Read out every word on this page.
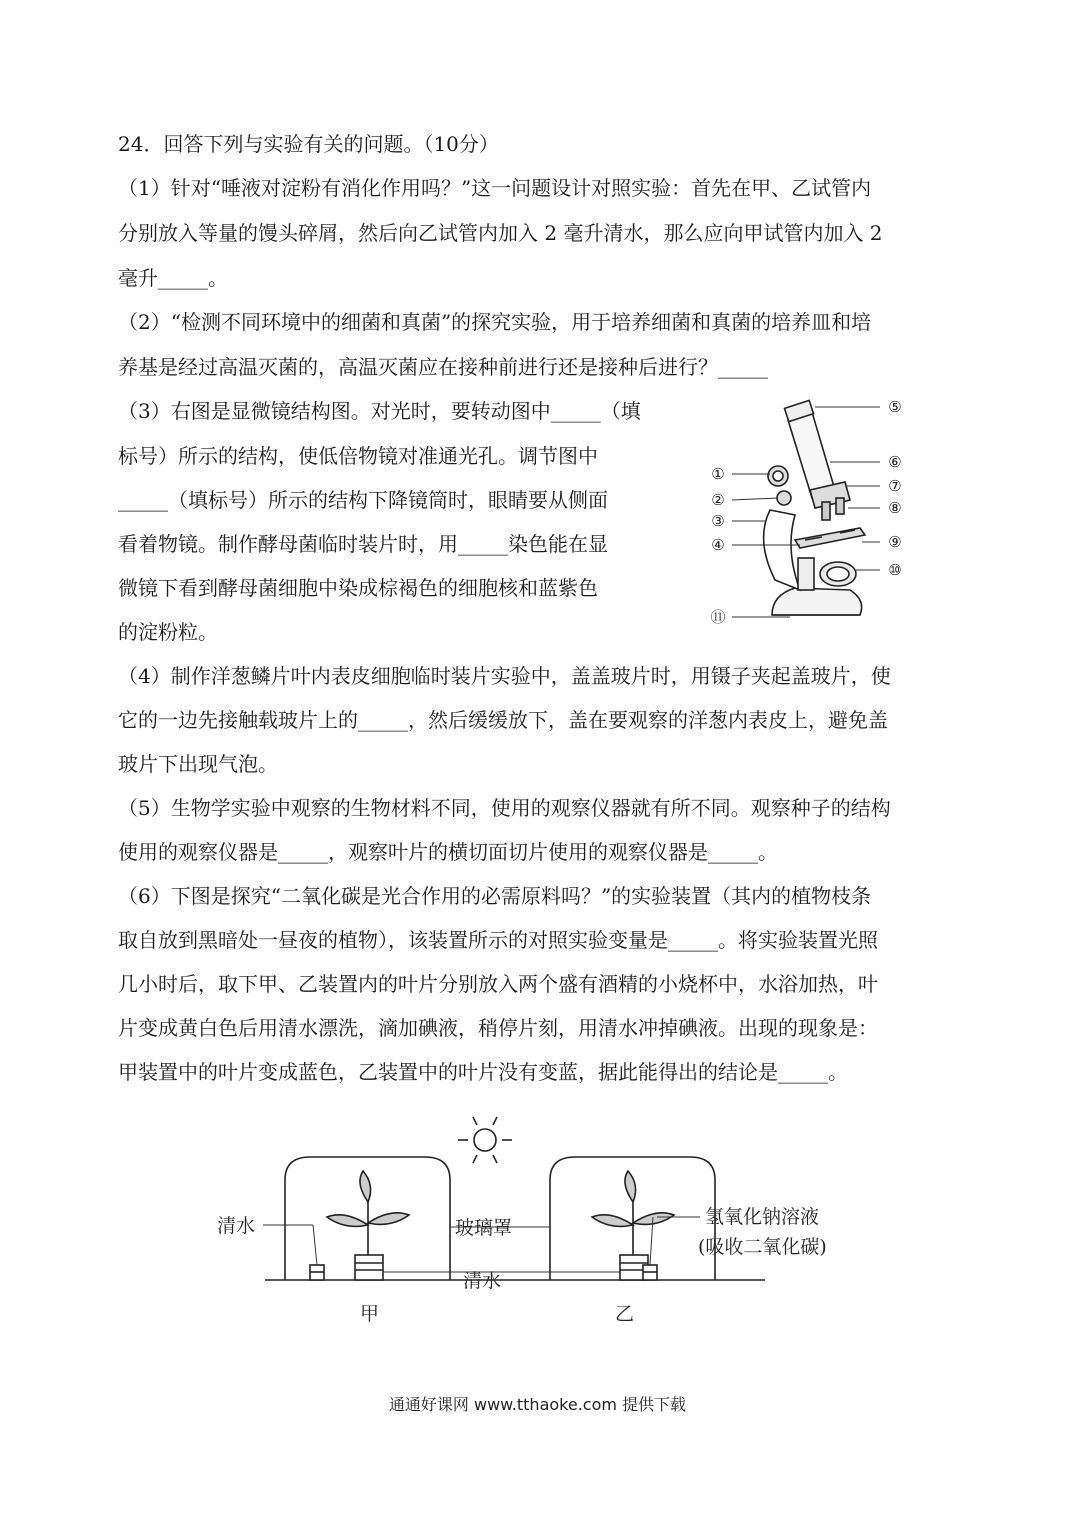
24．回答下列与实验有关的问题。（10分）
（1）针对“唾液对淀粉有消化作用吗？”这一问题设计对照实验：首先在甲、乙试管内
分别放入等量的馒头碎屑，然后向乙试管内加入 2 毫升清水，那么应向甲试管内加入 2
毫升_____。
（2）“检测不同环境中的细菌和真菌”的探究实验，用于培养细菌和真菌的培养皿和培
养基是经过高温灭菌的，高温灭菌应在接种前进行还是接种后进行？_____
（3）右图是显微镜结构图。对光时，要转动图中_____（填
标号）所示的结构，使低倍物镜对准通光孔。调节图中
_____（填标号）所示的结构下降镜筒时，眼睛要从侧面
看着物镜。制作酵母菌临时装片时，用_____染色能在显
微镜下看到酵母菌细胞中染成棕褐色的细胞核和蓝紫色
的淀粉粒。
（4）制作洋葱鳞片叶内表皮细胞临时装片实验中，盖盖玻片时，用镊子夹起盖玻片，使
它的一边先接触载玻片上的_____，然后缓缓放下，盖在要观察的洋葱内表皮上，避免盖
玻片下出现气泡。
（5）生物学实验中观察的生物材料不同，使用的观察仪器就有所不同。观察种子的结构
使用的观察仪器是_____，观察叶片的横切面切片使用的观察仪器是_____。
（6）下图是探究“二氧化碳是光合作用的必需原料吗？”的实验装置（其内的植物枝条
取自放到黑暗处一昼夜的植物），该装置所示的对照实验变量是_____。将实验装置光照
几小时后，取下甲、乙装置内的叶片分别放入两个盛有酒精的小烧杯中，水浴加热，叶
片变成黄白色后用清水漂洗，滴加碘液，稍停片刻，用清水冲掉碘液。出现的现象是：
甲装置中的叶片变成蓝色，乙装置中的叶片没有变蓝，据此能得出的结论是_____。
①
②
③
④
⑤
⑥
⑦
⑧
⑨
⑩
⑪
清水	玻璃罩
清水
氢氧化钠溶液
(吸收二氧化碳)
甲	乙
通通好课网 www.tthaoke.com 提供下载
